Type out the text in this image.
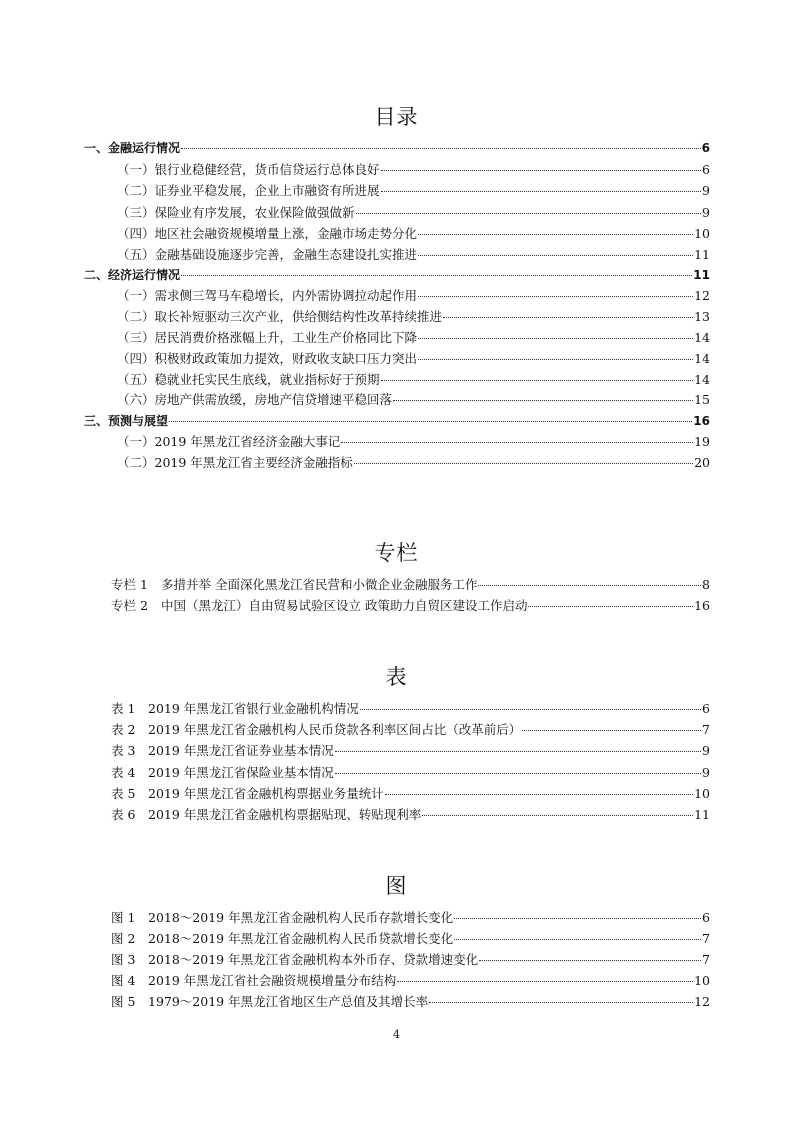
目录
一、金融运行情况	6
（一）银行业稳健经营，货币信贷运行总体良好	6
（二）证券业平稳发展，企业上市融资有所进展	9
（三）保险业有序发展，农业保险做强做新	9
（四）地区社会融资规模增量上涨，金融市场走势分化	10
（五）金融基础设施逐步完善，金融生态建设扎实推进	11
二、经济运行情况	11
（一）需求侧三驾马车稳增长，内外需协调拉动起作用	12
（二）取长补短驱动三次产业，供给侧结构性改革持续推进	13
（三）居民消费价格涨幅上升，工业生产价格同比下降	14
（四）积极财政政策加力提效，财政收支缺口压力突出	14
（五）稳就业托实民生底线，就业指标好于预期	14
（六）房地产供需放缓，房地产信贷增速平稳回落	15
三、预测与展望	16
（一）2019 年黑龙江省经济金融大事记	19
（二）2019 年黑龙江省主要经济金融指标	20
专栏
专栏 1 多措并举 全面深化黑龙江省民营和小微企业金融服务工作	8
专栏 2 中国（黑龙江）自由贸易试验区设立 政策助力自贸区建设工作启动	16
表
表 1 2019 年黑龙江省银行业金融机构情况	6
表 2 2019 年黑龙江省金融机构人民币贷款各利率区间占比（改革前后）	7
表 3 2019 年黑龙江省证券业基本情况	9
表 4 2019 年黑龙江省保险业基本情况	9
表 5 2019 年黑龙江省金融机构票据业务量统计	10
表 6 2019 年黑龙江省金融机构票据贴现、转贴现利率	11
图
图 1 2018～2019 年黑龙江省金融机构人民币存款增长变化	6
图 2 2018～2019 年黑龙江省金融机构人民币贷款增长变化	7
图 3 2018～2019 年黑龙江省金融机构本外币存、贷款增速变化	7
图 4 2019 年黑龙江省社会融资规模增量分布结构	10
图 5 1979～2019 年黑龙江省地区生产总值及其增长率	12
4
